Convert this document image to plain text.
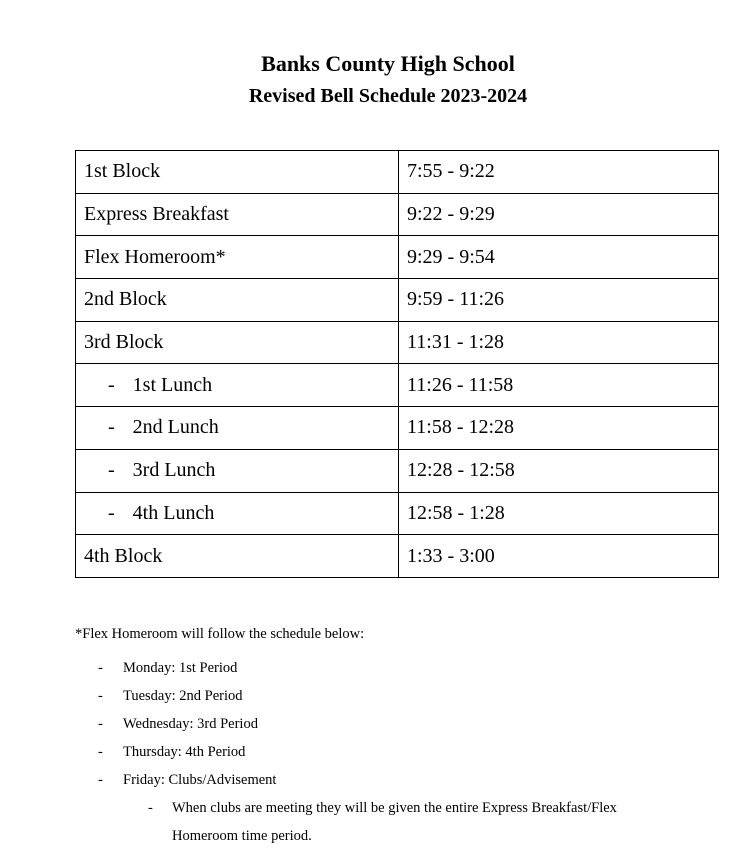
Banks County High School
Revised Bell Schedule 2023-2024
1st Block	7:55 - 9:22
Express Breakfast	9:22 - 9:29
Flex Homeroom*	9:29 - 9:54
2nd Block	9:59 - 11:26
3rd Block	11:31 - 1:28
- 1st Lunch	11:26 - 11:58
- 2nd Lunch	11:58 - 12:28
- 3rd Lunch	12:28 - 12:58
- 4th Lunch	12:58 - 1:28
4th Block	1:33 - 3:00
*Flex Homeroom will follow the schedule below:
- Monday: 1st Period
- Tuesday: 2nd Period
- Wednesday: 3rd Period
- Thursday: 4th Period
- Friday: Clubs/Advisement
- When clubs are meeting they will be given the entire Express Breakfast/Flex
Homeroom time period.
